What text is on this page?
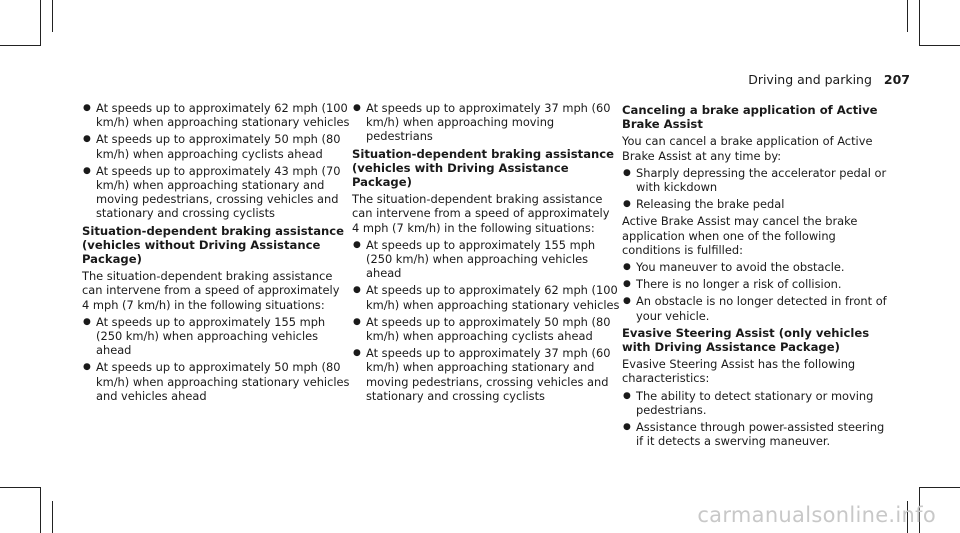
Driving and parking 207
● At speeds up to approximately 62 mph (100 km/h) when approaching stationary vehicles
● At speeds up to approximately 50 mph (80 km/h) when approaching cyclists ahead
● At speeds up to approximately 43 mph (70 km/h) when approaching stationary and moving pedestrians, crossing vehicles and stationary and crossing cyclists
Situation-dependent braking assistance (vehicles without Driving Assistance Package)

The situation-dependent braking assistance can intervene from a speed of approximately 4 mph (7 km/h) in the following situations:

● At speeds up to approximately 155 mph (250 km/h) when approaching vehicles ahead
● At speeds up to approximately 50 mph (80 km/h) when approaching stationary vehicles and vehicles ahead
● At speeds up to approximately 37 mph (60 km/h) when approaching moving pedestrians
Situation-dependent braking assistance (vehicles with Driving Assistance Package)

The situation-dependent braking assistance can intervene from a speed of approximately 4 mph (7 km/h) in the following situations:

● At speeds up to approximately 155 mph (250 km/h) when approaching vehicles ahead
● At speeds up to approximately 62 mph (100 km/h) when approaching stationary vehicles
● At speeds up to approximately 50 mph (80 km/h) when approaching cyclists ahead
● At speeds up to approximately 37 mph (60 km/h) when approaching stationary and moving pedestrians, crossing vehicles and stationary and crossing cyclists
Canceling a brake application of Active Brake Assist

You can cancel a brake application of Active Brake Assist at any time by:

● Sharply depressing the accelerator pedal or with kickdown
● Releasing the brake pedal

Active Brake Assist may cancel the brake application when one of the following conditions is fulfilled:

● You maneuver to avoid the obstacle.
● There is no longer a risk of collision.
● An obstacle is no longer detected in front of your vehicle.
Evasive Steering Assist (only vehicles with Driving Assistance Package)

Evasive Steering Assist has the following characteristics:

● The ability to detect stationary or moving pedestrians.
● Assistance through power-assisted steering if it detects a swerving maneuver.
carmanualsonline.info
